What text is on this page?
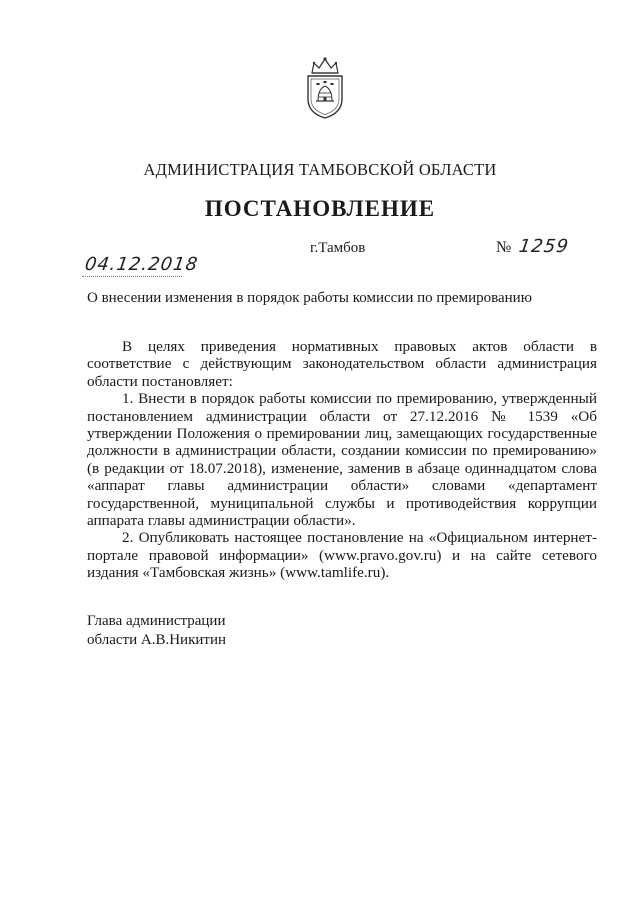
АДМИНИСТРАЦИЯ ТАМБОВСКОЙ ОБЛАСТИ
ПОСТАНОВЛЕНИЕ
04.12.2018
г.Тамбов	№ 1259
О внесении изменения в порядок работы комиссии по премированию

В целях приведения нормативных правовых актов области в соответствие с действующим законодательством области администрация области постановляет:

1. Внести в порядок работы комиссии по премированию, утвержденный постановлением администрации области от 27.12.2016 № 1539 «Об утверждении Положения о премировании лиц, замещающих государственные должности в администрации области, создании комиссии по премированию» (в редакции от 18.07.2018), изменение, заменив в абзаце одиннадцатом слова «аппарат главы администрации области» словами «департамент государственной, муниципальной службы и противодействия коррупции аппарата главы администрации области».

2. Опубликовать настоящее постановление на «Официальном интернет-портале правовой информации» (www.pravo.gov.ru) и на сайте сетевого издания «Тамбовская жизнь» (www.tamlife.ru).

Глава администрации
области А.В.Никитин
